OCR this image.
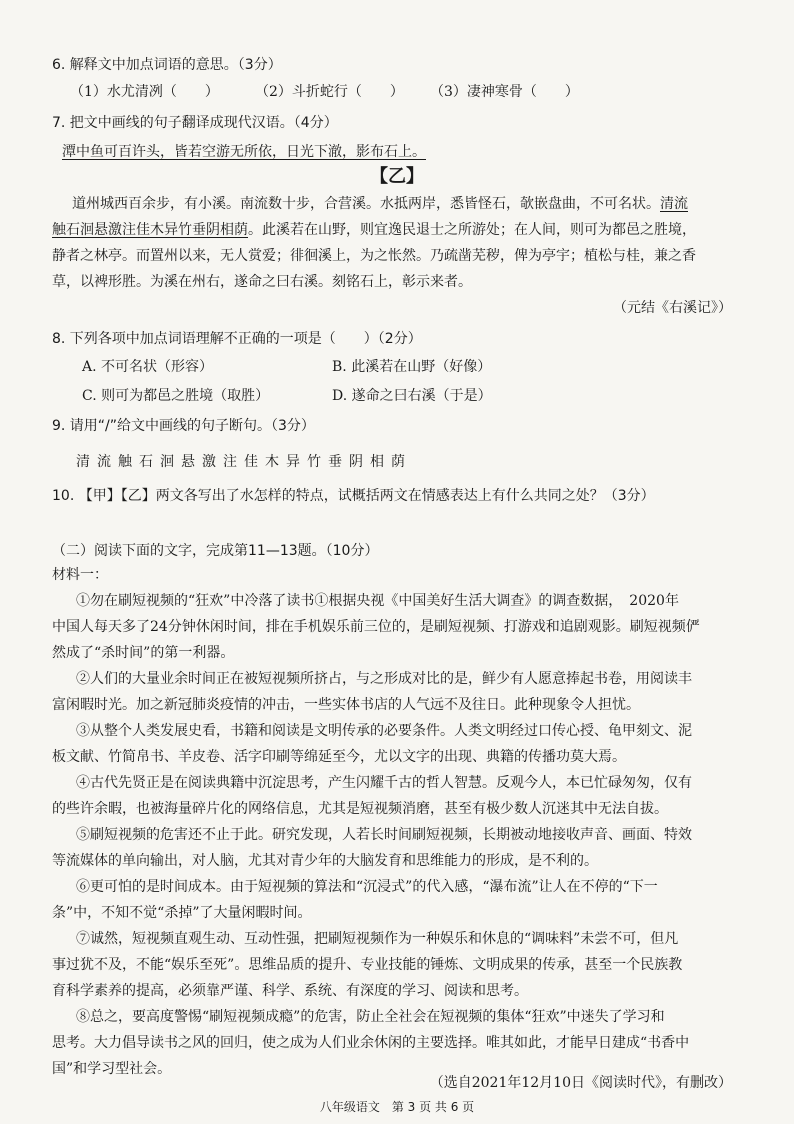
6. 解释文中加点词语的意思。（3分）
（1）水尤清冽（　　）	（2）斗折蛇行（　　） （3）凄神寒骨（　　）
7. 把文中画线的句子翻译成现代汉语。（4分）
潭中鱼可百许头，皆若空游无所依，日光下澈，影布石上。
【乙】
道州城西百余步，有小溪。南流数十步，合营溪。水抵两岸，悉皆怪石，欹嵌盘曲，不可名状。清流
触石洄悬激注佳木异竹垂阴相荫。此溪若在山野，则宜逸民退士之所游处；在人间，则可为都邑之胜境，
静者之林亭。而置州以来，无人赏爱；徘徊溪上，为之怅然。乃疏凿芜秽，俾为亭宇；植松与桂，兼之香
草，以裨形胜。为溪在州右，遂命之曰右溪。刻铭石上，彰示来者。
（元结《右溪记》）
8. 下列各项中加点词语理解不正确的一项是（　　）（2分）
A. 不可名状（形容）	B. 此溪若在山野（好像）
C. 则可为都邑之胜境（取胜）	D. 遂命之曰右溪（于是）
9. 请用“/”给文中画线的句子断句。（3分）
清流触石洄悬激注佳木异竹垂阴相荫
10. 【甲】【乙】两文各写出了水怎样的特点，试概括两文在情感表达上有什么共同之处？（3分）
（二）阅读下面的文字，完成第11—13题。（10分）
材料一：
①勿在刷短视频的“狂欢”中冷落了读书①根据央视《中国美好生活大调查》的调查数据，　2020年
中国人每天多了24分钟休闲时间，排在手机娱乐前三位的，是刷短视频、打游戏和追剧观影。刷短视频俨
然成了“杀时间”的第一利器。
②人们的大量业余时间正在被短视频所挤占，与之形成对比的是，鲜少有人愿意捧起书卷，用阅读丰
富闲暇时光。加之新冠肺炎疫情的冲击，一些实体书店的人气远不及往日。此种现象令人担忧。
③从整个人类发展史看，书籍和阅读是文明传承的必要条件。人类文明经过口传心授、龟甲刻文、泥
板文献、竹简帛书、羊皮卷、活字印刷等绵延至今，尤以文字的出现、典籍的传播功莫大焉。
④古代先贤正是在阅读典籍中沉淀思考，产生闪耀千古的哲人智慧。反观今人，本已忙碌匆匆，仅有
的些许余暇，也被海量碎片化的网络信息，尤其是短视频消磨，甚至有极少数人沉迷其中无法自拔。
⑤刷短视频的危害还不止于此。研究发现，人若长时间刷短视频，长期被动地接收声音、画面、特效
等流媒体的单向输出，对人脑，尤其对青少年的大脑发育和思维能力的形成，是不利的。
⑥更可怕的是时间成本。由于短视频的算法和“沉浸式”的代入感，“瀑布流”让人在不停的“下一
条”中，不知不觉“杀掉”了大量闲暇时间。
⑦诚然，短视频直观生动、互动性强，把刷短视频作为一种娱乐和休息的“调味料”未尝不可，但凡
事过犹不及，不能“娱乐至死”。思维品质的提升、专业技能的锤炼、文明成果的传承，甚至一个民族教
育科学素养的提高，必须靠严谨、科学、系统、有深度的学习、阅读和思考。
⑧总之，要高度警惕“刷短视频成瘾”的危害，防止全社会在短视频的集体“狂欢”中迷失了学习和
思考。大力倡导读书之风的回归，使之成为人们业余休闲的主要选择。唯其如此，才能早日建成“书香中
国”和学习型社会。
（选自2021年12月10日《阅读时代》，有删改）
八年级语文　第 3 页 共 6 页
